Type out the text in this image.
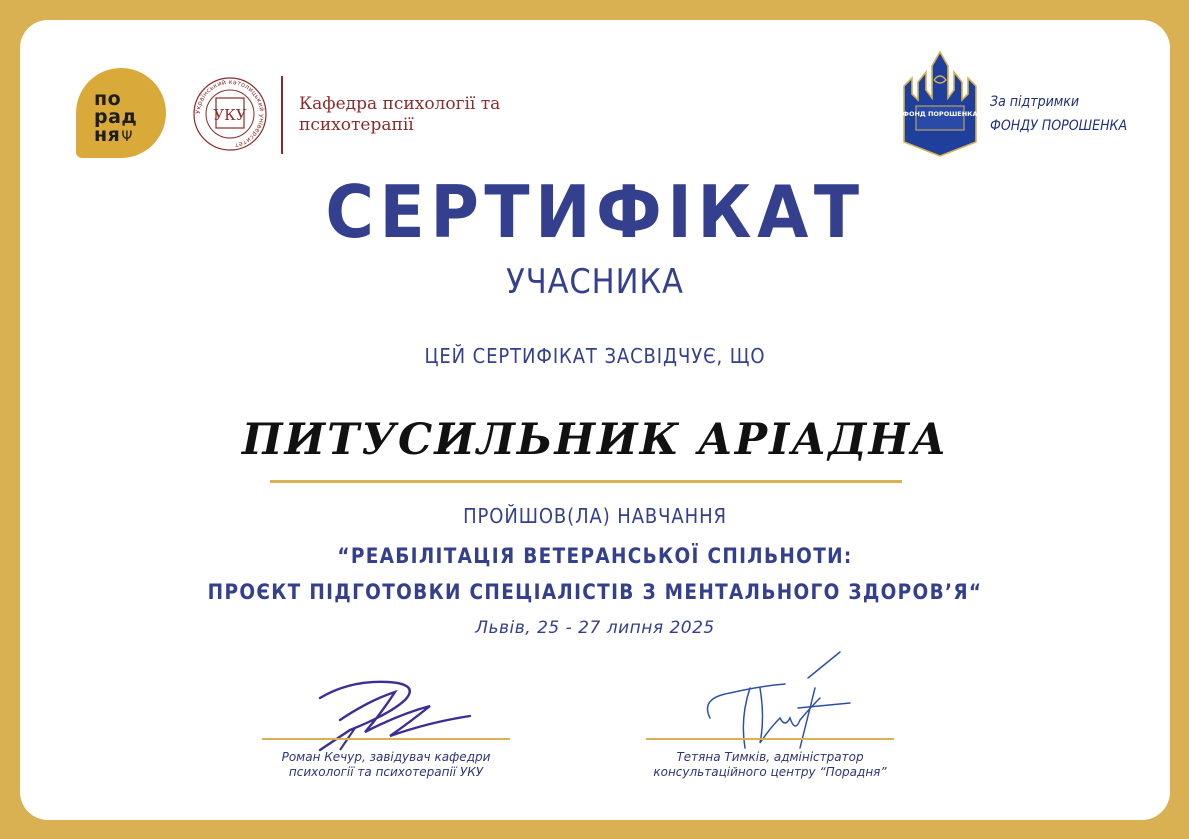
по
рад
няΨ
Український католицький університет
УКУ
Кафедра психології та
психотерапії
ФОНД ПОРОШЕНКА
За підтримки
ФОНДУ ПОРОШЕНКА
СЕРТИФІКАТ
УЧАСНИКА
ЦЕЙ СЕРТИФІКАТ ЗАСВІДЧУЄ, ЩО
ПИТУСИЛЬНИК АРІАДНА
ПРОЙШОВ(ЛА) НАВЧАННЯ
“РЕАБІЛІТАЦІЯ ВЕТЕРАНСЬКОЇ СПІЛЬНОТИ:
ПРОЄКТ ПІДГОТОВКИ СПЕЦІАЛІСТІВ З МЕНТАЛЬНОГО ЗДОРОВ’Я“
Львів, 25 - 27 липня 2025
Роман Кечур, завідувач кафедри
психології та психотерапії УКУ
Тетяна Тимків, адміністратор
консультаційного центру “Порадня”
